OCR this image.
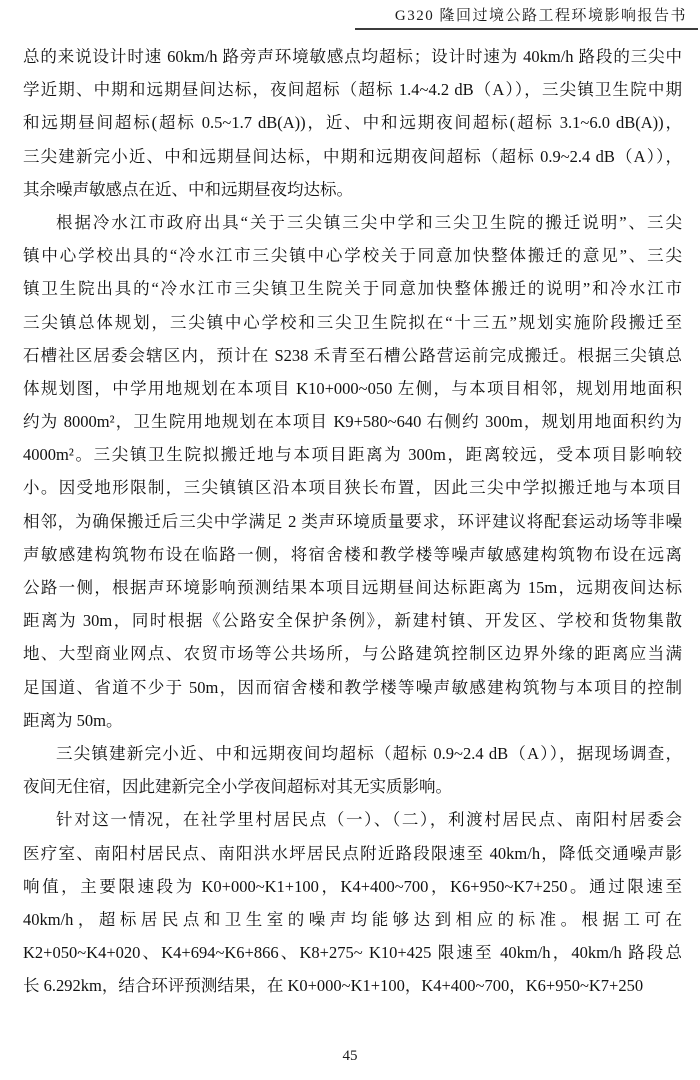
G320 隆回过境公路工程环境影响报告书
总的来说设计时速 60km/h 路旁声环境敏感点均超标；设计时速为 40km/h 路段的三尖中
学近期、中期和远期昼间达标，夜间超标（超标 1.4~4.2 dB（A）），三尖镇卫生院中期
和远期昼间超标(超标 0.5~1.7 dB(A))，近、中和远期夜间超标(超标 3.1~6.0 dB(A))，
三尖建新完小近、中和远期昼间达标，中期和远期夜间超标（超标 0.9~2.4 dB（A）），
其余噪声敏感点在近、中和远期昼夜均达标。
根据冷水江市政府出具“关于三尖镇三尖中学和三尖卫生院的搬迁说明”、三尖
镇中心学校出具的“冷水江市三尖镇中心学校关于同意加快整体搬迁的意见”、三尖
镇卫生院出具的“冷水江市三尖镇卫生院关于同意加快整体搬迁的说明”和冷水江市
三尖镇总体规划，三尖镇中心学校和三尖卫生院拟在“十三五”规划实施阶段搬迁至
石槽社区居委会辖区内，预计在 S238 禾青至石槽公路营运前完成搬迁。根据三尖镇总
体规划图，中学用地规划在本项目 K10+000~050 左侧，与本项目相邻，规划用地面积
约为 8000m²，卫生院用地规划在本项目 K9+580~640 右侧约 300m，规划用地面积约为
4000m²。三尖镇卫生院拟搬迁地与本项目距离为 300m，距离较远，受本项目影响较
小。因受地形限制，三尖镇镇区沿本项目狭长布置，因此三尖中学拟搬迁地与本项目
相邻，为确保搬迁后三尖中学满足 2 类声环境质量要求，环评建议将配套运动场等非噪
声敏感建构筑物布设在临路一侧，将宿舍楼和教学楼等噪声敏感建构筑物布设在远离
公路一侧，根据声环境影响预测结果本项目远期昼间达标距离为 15m，远期夜间达标
距离为 30m，同时根据《公路安全保护条例》，新建村镇、开发区、学校和货物集散
地、大型商业网点、农贸市场等公共场所，与公路建筑控制区边界外缘的距离应当满
足国道、省道不少于 50m，因而宿舍楼和教学楼等噪声敏感建构筑物与本项目的控制
距离为 50m。
三尖镇建新完小近、中和远期夜间均超标（超标 0.9~2.4 dB（A）），据现场调查，
夜间无住宿，因此建新完全小学夜间超标对其无实质影响。
针对这一情况，在社学里村居民点（一）、（二），利渡村居民点、南阳村居委会
医疗室、南阳村居民点、南阳洪水坪居民点附近路段限速至 40km/h，降低交通噪声影
响值，主要限速段为 K0+000~K1+100，K4+400~700，K6+950~K7+250。通过限速至
40km/h，超标居民点和卫生室的噪声均能够达到相应的标准。根据工可在
K2+050~K4+020、K4+694~K6+866、K8+275~ K10+425 限速至 40km/h，40km/h 路段总
长 6.292km，结合环评预测结果，在 K0+000~K1+100，K4+400~700，K6+950~K7+250
45
